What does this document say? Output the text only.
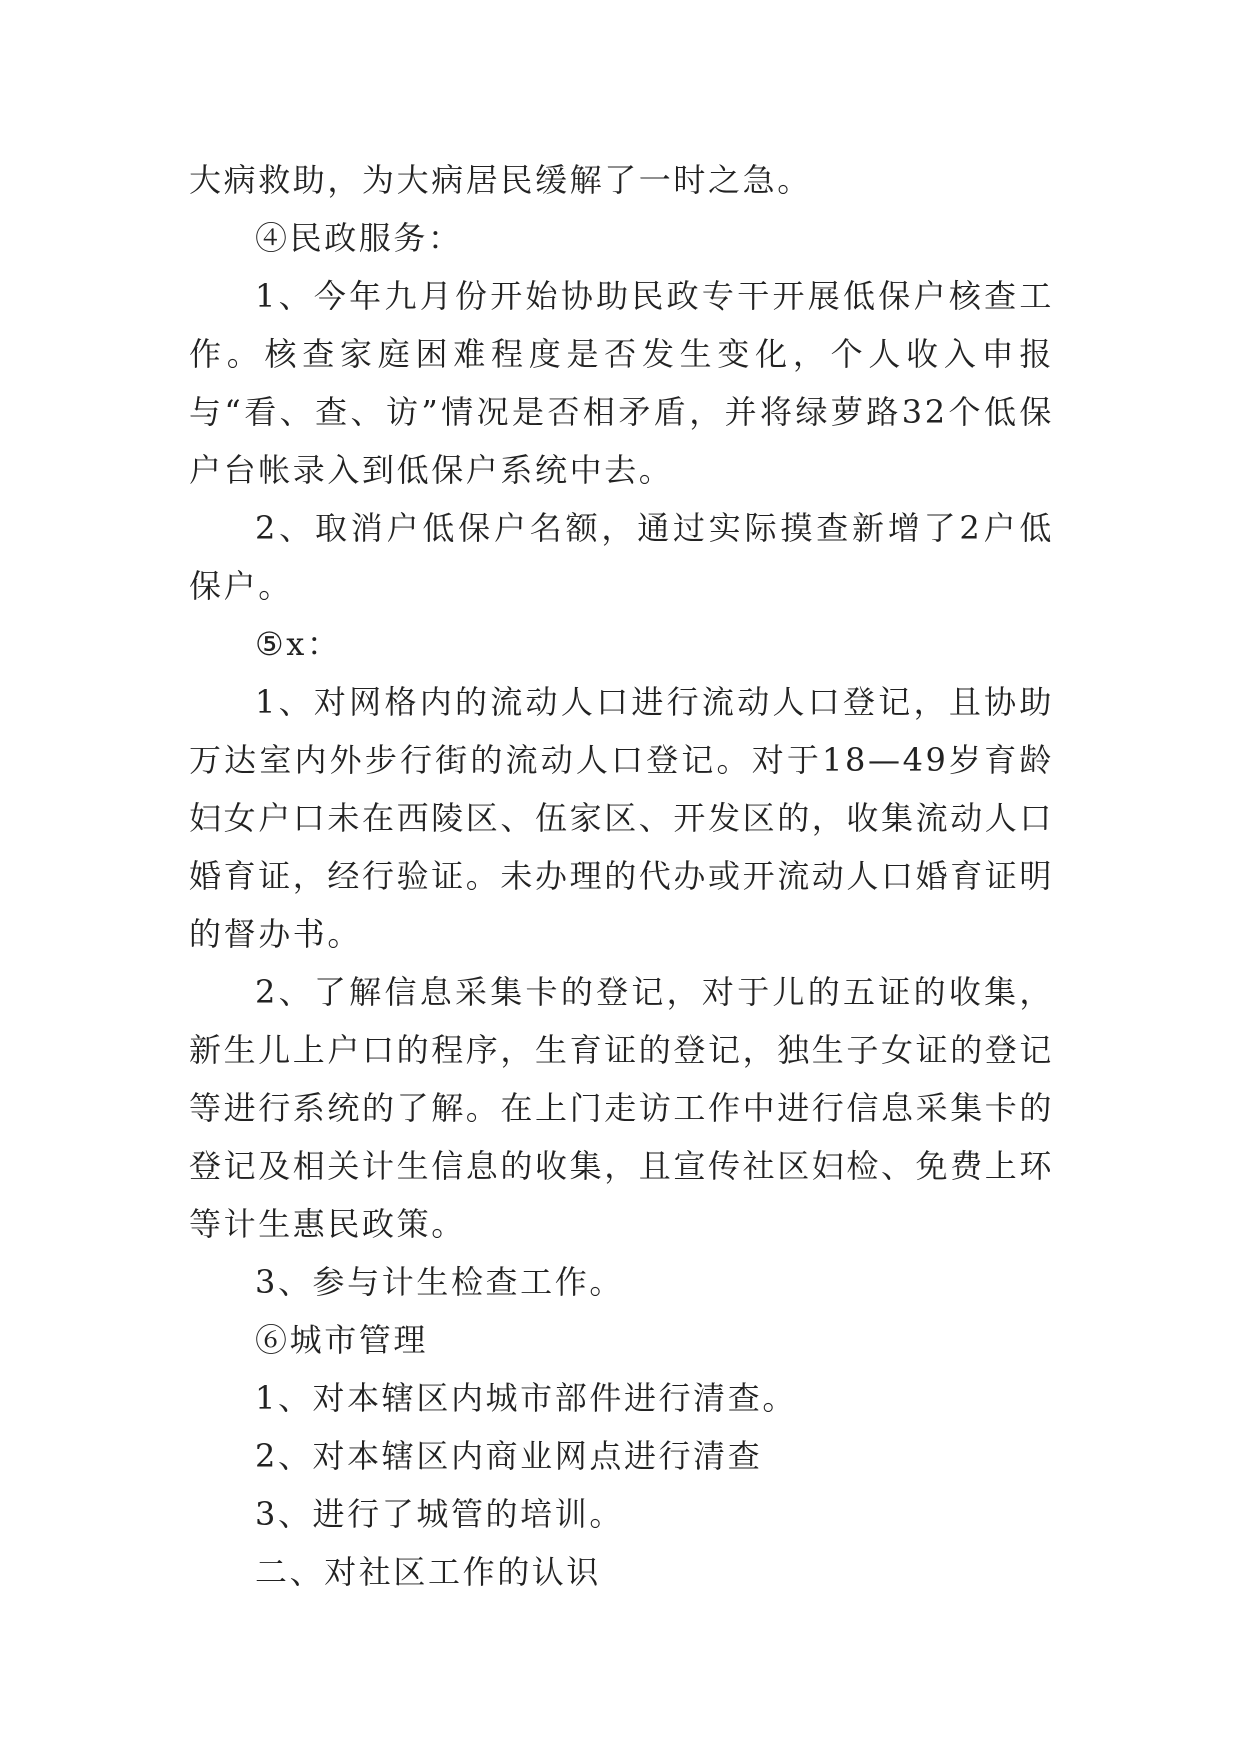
大病救助，为大病居民缓解了一时之急。

④民政服务：

1、今年九月份开始协助民政专干开展低保户核查工作。核查家庭困难程度是否发生变化，个人收入申报与“看、查、访”情况是否相矛盾，并将绿萝路32个低保户台帐录入到低保户系统中去。

2、取消户低保户名额，通过实际摸查新增了2户低保户。

⑤x：

1、对网格内的流动人口进行流动人口登记，且协助万达室内外步行街的流动人口登记。对于18—49岁育龄妇女户口未在西陵区、伍家区、开发区的，收集流动人口婚育证，经行验证。未办理的代办或开流动人口婚育证明的督办书。

2、了解信息采集卡的登记，对于儿的五证的收集，新生儿上户口的程序，生育证的登记，独生子女证的登记等进行系统的了解。在上门走访工作中进行信息采集卡的登记及相关计生信息的收集，且宣传社区妇检、免费上环等计生惠民政策。

3、参与计生检查工作。

⑥城市管理

1、对本辖区内城市部件进行清查。

2、对本辖区内商业网点进行清查

3、进行了城管的培训。

二、对社区工作的认识
